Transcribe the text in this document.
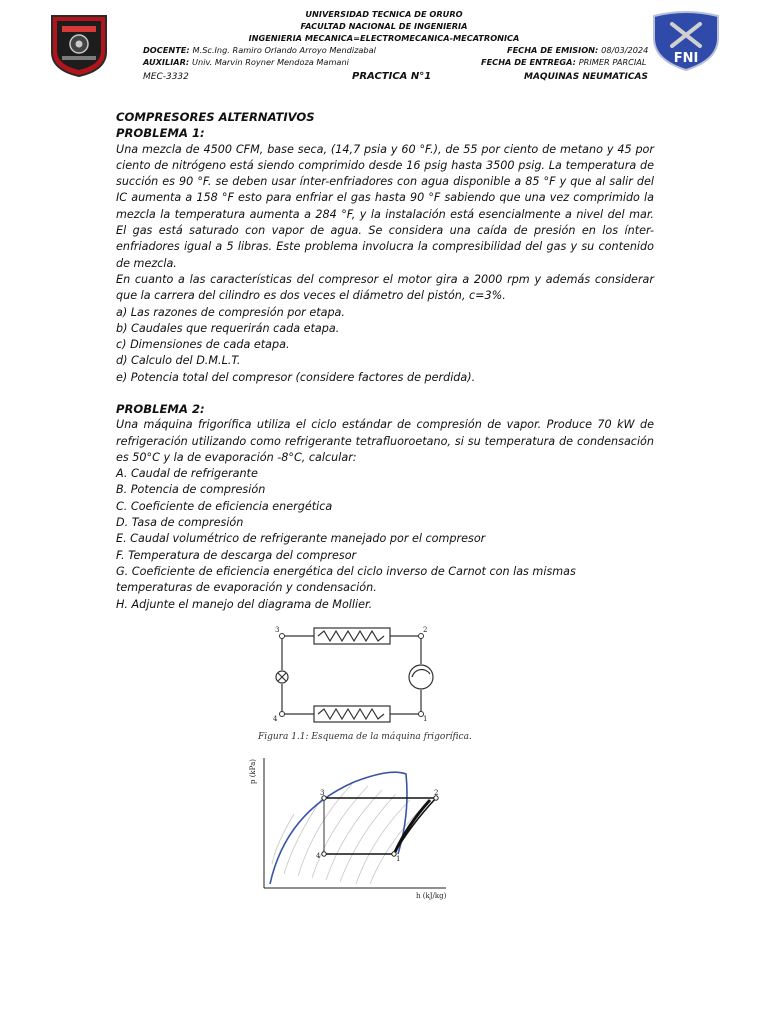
FNI
UNIVERSIDAD TECNICA DE ORURO
FACULTAD NACIONAL DE INGENIERIA
INGENIERIA MECANICA=ELECTROMECANICA-MECATRONICA
DOCENTE: M.Sc.Ing. Ramiro Orlando Arroyo Mendizabal
AUXILIAR: Univ. Marvin Royner Mendoza Mamani
FECHA DE EMISION: 08/03/2024
FECHA DE ENTREGA: PRIMER PARCIAL
MEC-3332	PRACTICA N°1	MAQUINAS NEUMATICAS

COMPRESORES ALTERNATIVOS

PROBLEMA 1:

Una mezcla de 4500 CFM, base seca, (14,7 psia y 60 °F.), de 55 por ciento de metano y 45 por ciento de nitrógeno está siendo comprimido desde 16 psig hasta 3500 psig. La temperatura de succión es 90 °F. se deben usar ínter-enfriadores con agua disponible a 85 °F y que al salir del IC aumenta a 158 °F esto para enfriar el gas hasta 90 °F sabiendo que una vez comprimido la mezcla la temperatura aumenta a 284 °F, y la instalación está esencialmente a nivel del mar. El gas está saturado con vapor de agua. Se considera una caída de presión en los ínter-enfriadores igual a 5 libras. Este problema involucra la compresibilidad del gas y su contenido de mezcla.

En cuanto a las características del compresor el motor gira a 2000 rpm y además considerar que la carrera del cilindro es dos veces el diámetro del pistón, c=3%.

a) Las razones de compresión por etapa.

b) Caudales que requerirán cada etapa.

c) Dimensiones de cada etapa.

d) Calculo del D.M.L.T.

e) Potencia total del compresor (considere factores de perdida).

PROBLEMA 2:

Una máquina frigorífica utiliza el ciclo estándar de compresión de vapor. Produce 70 kW de refrigeración utilizando como refrigerante tetrafluoroetano, si su temperatura de condensación es 50°C y la de evaporación -8°C, calcular:

A. Caudal de refrigerante

B. Potencia de compresión

C. Coeficiente de eficiencia energética

D. Tasa de compresión

E. Caudal volumétrico de refrigerante manejado por el compresor

F. Temperatura de descarga del compresor

G. Coeficiente de eficiencia energética del ciclo inverso de Carnot con las mismas temperaturas de evaporación y condensación.

H. Adjunte el manejo del diagrama de Mollier.

3	2
4	1
Figura 1.1: Esquema de la máquina frigorífica.
p (kPa)
3	2
4	1
h (kJ/kg)
